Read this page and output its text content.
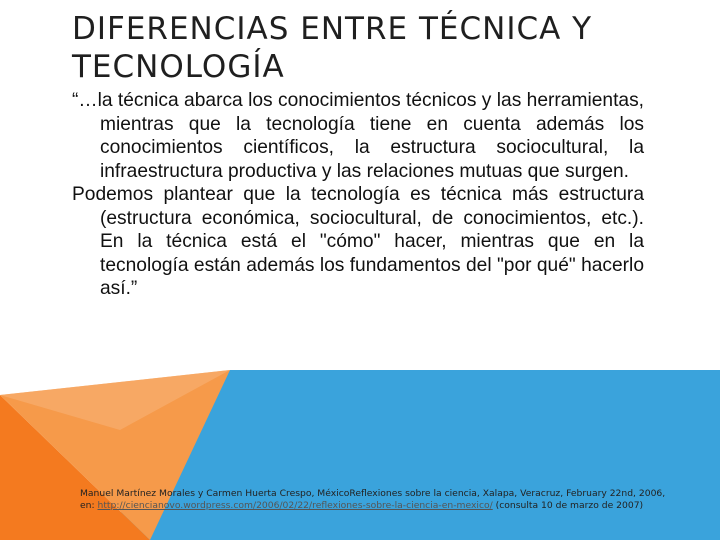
DIFERENCIAS ENTRE TÉCNICA Y TECNOLOGÍA

“…la técnica abarca los conocimientos técnicos y las herramientas, mientras que la tecnología tiene en cuenta además los conocimientos científicos, la estructura sociocultural, la infraestructura productiva y las relaciones mutuas que surgen.

Podemos plantear que la tecnología es técnica más estructura (estructura económica, sociocultural, de conocimientos, etc.). En la técnica está el "cómo" hacer, mientras que en la tecnología están además los fundamentos del "por qué" hacerlo así.”

Manuel Martínez Morales y Carmen Huerta Crespo, MéxicoReflexiones sobre la ciencia, Xalapa, Veracruz, February 22nd, 2006, en: http://ciencianovo.wordpress.com/2006/02/22/reflexiones-sobre-la-ciencia-en-mexico/ (consulta 10 de marzo de 2007)
